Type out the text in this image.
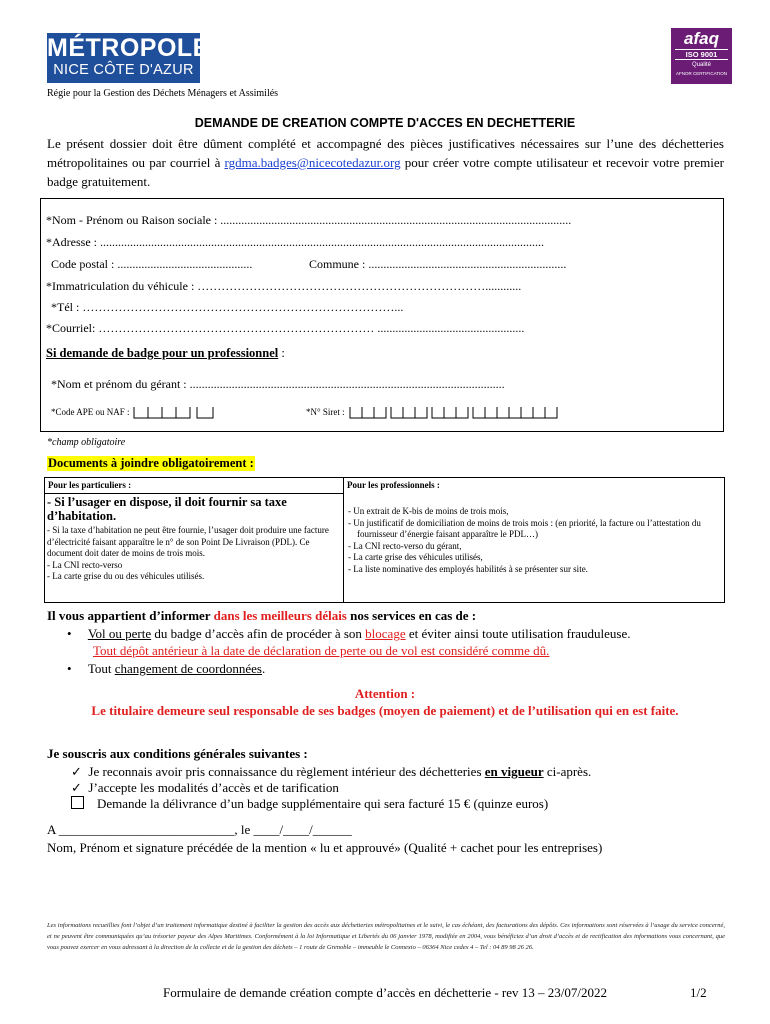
MÉTROPOLE
NICE CÔTE D'AZUR
afaq
ISO 9001
Qualité
AFNOR CERTIFICATION
Régie pour la Gestion des Déchets Ménagers et Assimilés
DEMANDE DE CREATION COMPTE D'ACCES EN DECHETTERIE
Le présent dossier doit être dûment complété et accompagné des pièces justificatives nécessaires sur l’une des déchetteries métropolitaines ou par courriel à rgdma.badges@nicecotedazur.org pour créer votre compte utilisateur et recevoir votre premier badge gratuitement.
*Nom - Prénom ou Raison sociale : .....................................................................................................................
*Adresse : ....................................................................................................................................................
Code postal : .............................................	Commune : ..................................................................
*Immatriculation du véhicule : ………………………………………………………………............
*Tél : ……………………………………………………………………...
*Courriel: …………………………………………………………… .................................................
Si demande de badge pour un professionnel :
*Nom et prénom du gérant : .........................................................................................................
*Code APE ou NAF :	*N° Siret :
*champ obligatoire
Documents à joindre obligatoirement :
Pour les particuliers :
- Si l’usager en dispose, il doit fournir sa taxe d’habitation.
- Si la taxe d’habitation ne peut être fournie, l’usager doit produire une facture d’électricité faisant apparaître le n° de son Point De Livraison (PDL). Ce document doit dater de moins de trois mois.
- La CNI recto-verso
- La carte grise du ou des véhicules utilisés.
Pour les professionnels :
- Un extrait de K-bis de moins de trois mois,
- Un justificatif de domiciliation de moins de trois mois : (en priorité, la facture ou l’attestation du fournisseur d’énergie faisant apparaître le PDL…)
- La CNI recto-verso du gérant,
- La carte grise des véhicules utilisés,
- La liste nominative des employés habilités à se présenter sur site.
Il vous appartient d’informer dans les meilleurs délais nos services en cas de :
•     Vol ou perte du badge d’accès afin de procéder à son blocage et éviter ainsi toute utilisation frauduleuse.
Tout dépôt antérieur à la date de déclaration de perte ou de vol est considéré comme dû.
•     Tout changement de coordonnées.
Attention :
Le titulaire demeure seul responsable de ses badges (moyen de paiement) et de l’utilisation qui en est faite.
Je souscris aux conditions générales suivantes :
✓ Je reconnais avoir pris connaissance du règlement intérieur des déchetteries en vigueur ci-après.
✓ J’accepte les modalités d’accès et de tarification
Demande la délivrance d’un badge supplémentaire qui sera facturé 15 € (quinze euros)
A ___________________________, le ____/____/______
Nom, Prénom et signature précédée de la mention « lu et approuvé» (Qualité + cachet pour les entreprises)
Les informations recueillies font l’objet d’un traitement informatique destiné à faciliter la gestion des accès aux déchetteries métropolitaines et le suivi, le cas échéant, des facturations des dépôts. Ces informations sont réservées à l’usage du service concerné, et ne peuvent être communiquées qu’au trésorier payeur des Alpes Maritimes. Conformément à la loi Informatique et Libertés du 06 janvier 1978, modifiée en 2004, vous bénéficiez d’un droit d’accès et de rectification des informations vous concernant, que vous pouvez exercer en vous adressant à la direction de la collecte et de la gestion des déchets – 1 route de Grenoble – immeuble le Connexio – 06364 Nice cedex 4 – Tel : 04 89 98 26 26.
Formulaire de demande création compte d’accès en déchetterie - rev 13 – 23/07/2022	1/2
